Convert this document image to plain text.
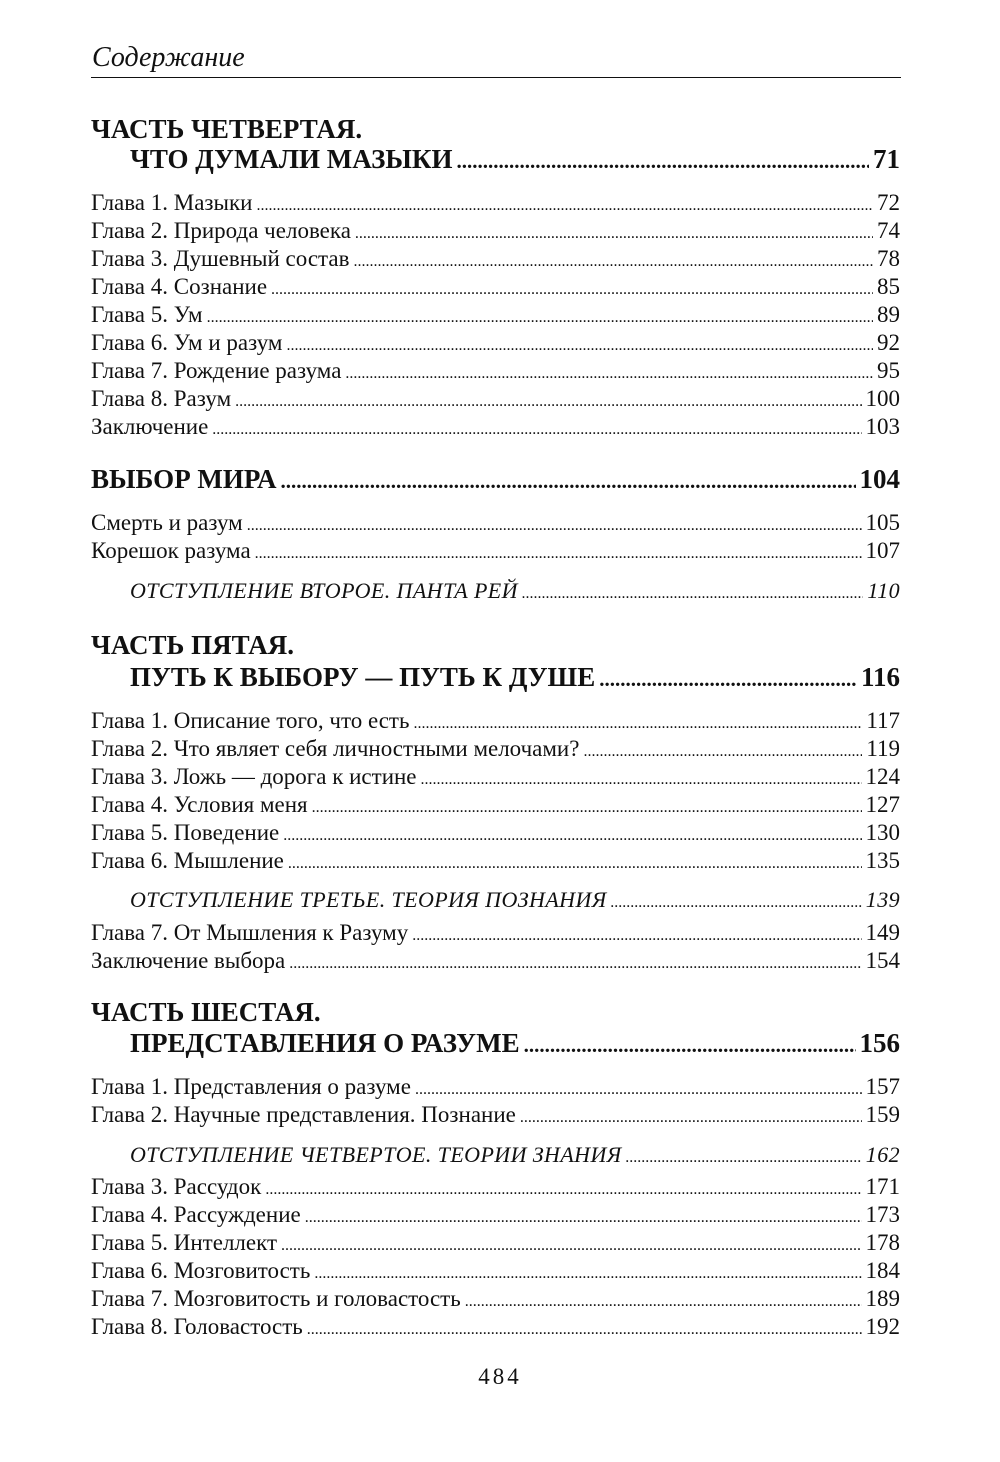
Содержание
ЧАСТЬ ЧЕТВЕРТАЯ.
ЧТО ДУМАЛИ МАЗЫКИ .....	71
Глава 1. Мазыки .....	72
Глава 2. Природа человека .....	74
Глава 3. Душевный состав .....	78
Глава 4. Сознание .....	85
Глава 5. Ум .....	89
Глава 6. Ум и разум .....	92
Глава 7. Рождение разума .....	95
Глава 8. Разум .....	100
Заключение .....	103
ВЫБОР МИРА .....	104
Смерть и разум .....	105
Корешок разума .....	107
ОТСТУПЛЕНИЕ ВТОРОЕ. ПАНТА РЕЙ .....	110
ЧАСТЬ ПЯТАЯ.
ПУТЬ К ВЫБОРУ — ПУТЬ К ДУШЕ .....	116
Глава 1. Описание того, что есть .....	117
Глава 2. Что являет себя личностными мелочами? .....	119
Глава 3. Ложь — дорога к истине .....	124
Глава 4. Условия меня .....	127
Глава 5. Поведение .....	130
Глава 6. Мышление .....	135
ОТСТУПЛЕНИЕ ТРЕТЬЕ. ТЕОРИЯ ПОЗНАНИЯ .....	139
Глава 7. От Мышления к Разуму .....	149
Заключение выбора .....	154
ЧАСТЬ ШЕСТАЯ.
ПРЕДСТАВЛЕНИЯ О РАЗУМЕ .....	156
Глава 1. Представления о разуме .....	157
Глава 2. Научные представления. Познание .....	159
ОТСТУПЛЕНИЕ ЧЕТВЕРТОЕ. ТЕОРИИ ЗНАНИЯ .....	162
Глава 3. Рассудок .....	171
Глава 4. Рассуждение .....	173
Глава 5. Интеллект .....	178
Глава 6. Мозговитость .....	184
Глава 7. Мозговитость и головастость .....	189
Глава 8. Головастость .....	192
484
